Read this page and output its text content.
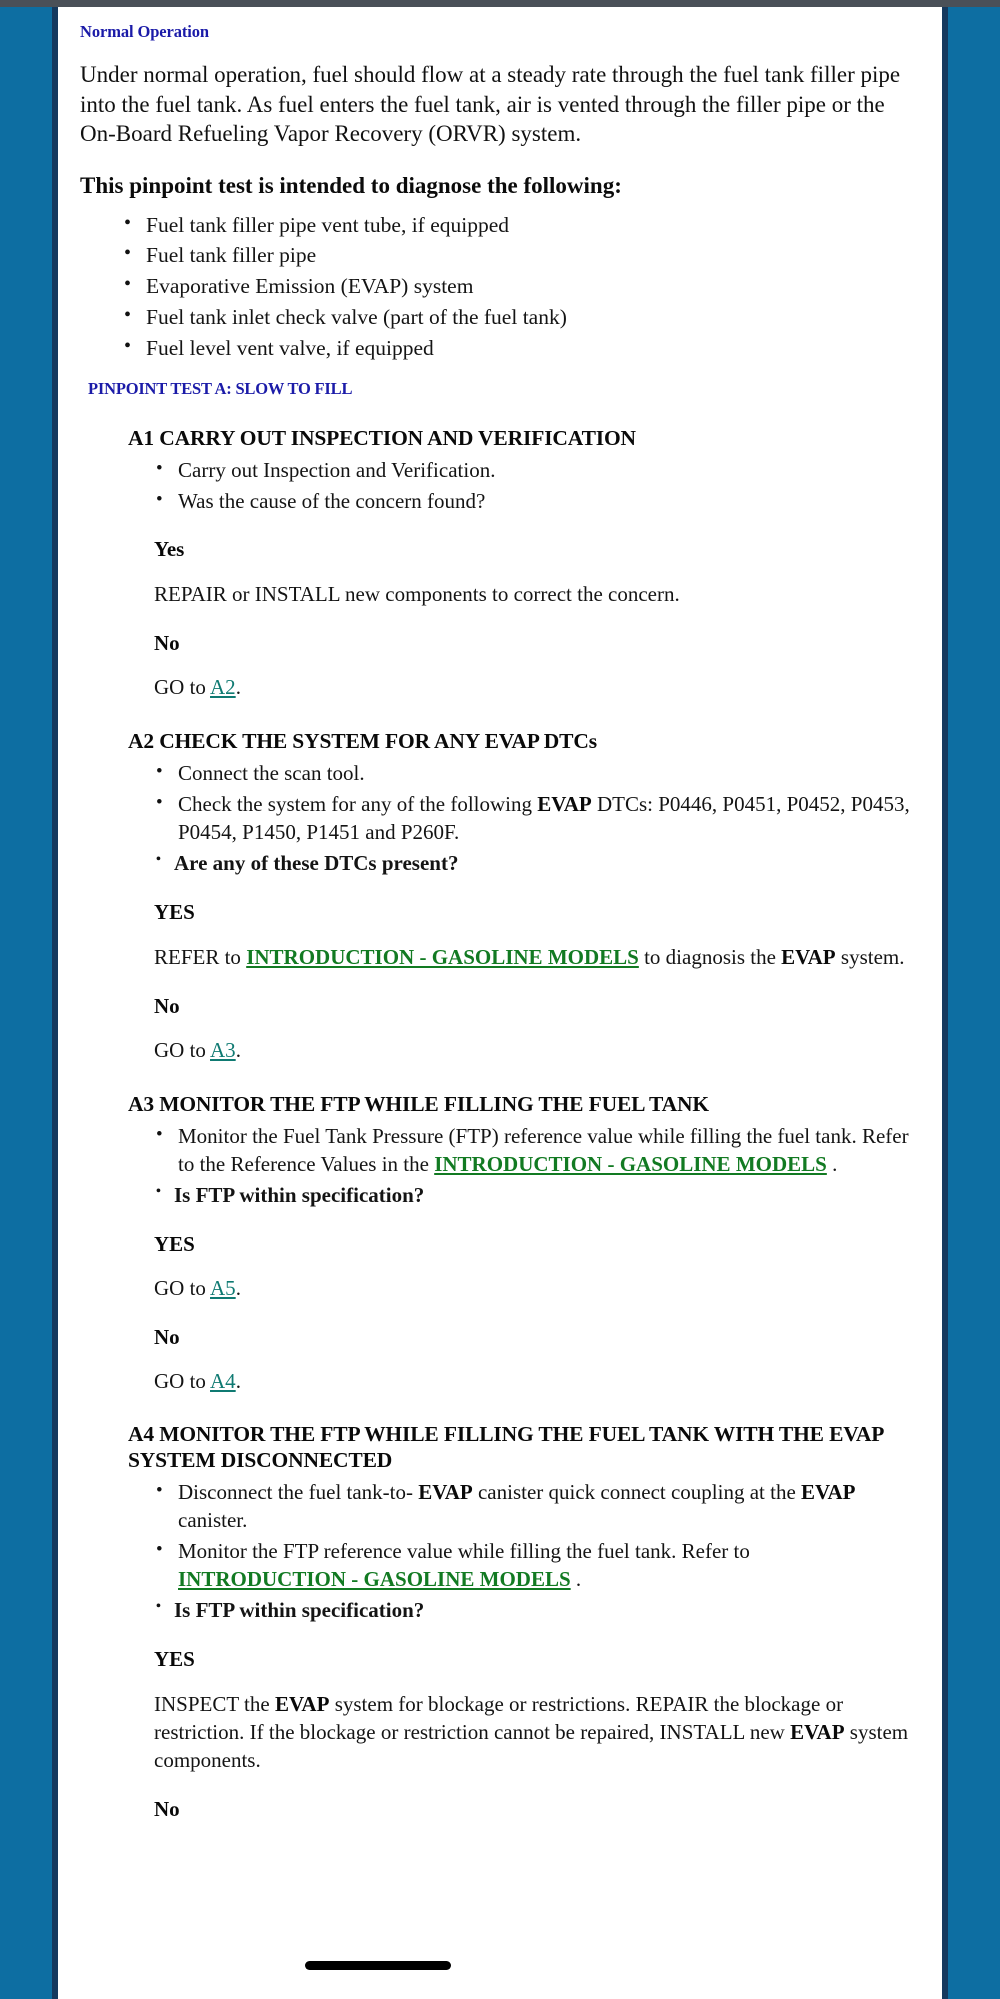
Normal Operation

Under normal operation, fuel should flow at a steady rate through the fuel tank filler pipe into the fuel tank. As fuel enters the fuel tank, air is vented through the filler pipe or the On-Board Refueling Vapor Recovery (ORVR) system.

This pinpoint test is intended to diagnose the following:

• Fuel tank filler pipe vent tube, if equipped
• Fuel tank filler pipe
• Evaporative Emission (EVAP) system
• Fuel tank inlet check valve (part of the fuel tank)
• Fuel level vent valve, if equipped
PINPOINT TEST A: SLOW TO FILL
A1 CARRY OUT INSPECTION AND VERIFICATION
• Carry out Inspection and Verification.
• Was the cause of the concern found?
Yes
REPAIR or INSTALL new components to correct the concern.
No
GO to A2.
A2 CHECK THE SYSTEM FOR ANY EVAP DTCs
• Connect the scan tool.
• Check the system for any of the following EVAP DTCs: P0446, P0451, P0452, P0453, P0454, P1450, P1451 and P260F.
• Are any of these DTCs present?
YES
REFER to INTRODUCTION - GASOLINE MODELS to diagnosis the EVAP system.
No
GO to A3.
A3 MONITOR THE FTP WHILE FILLING THE FUEL TANK
• Monitor the Fuel Tank Pressure (FTP) reference value while filling the fuel tank. Refer to the Reference Values in the INTRODUCTION - GASOLINE MODELS .
• Is FTP within specification?
YES
GO to A5.
No
GO to A4.
A4 MONITOR THE FTP WHILE FILLING THE FUEL TANK WITH THE EVAP SYSTEM DISCONNECTED
• Disconnect the fuel tank-to- EVAP canister quick connect coupling at the EVAP canister.
• Monitor the FTP reference value while filling the fuel tank. Refer to INTRODUCTION - GASOLINE MODELS .
• Is FTP within specification?
YES
INSPECT the EVAP system for blockage or restrictions. REPAIR the blockage or restriction. If the blockage or restriction cannot be repaired, INSTALL new EVAP system components.
No
